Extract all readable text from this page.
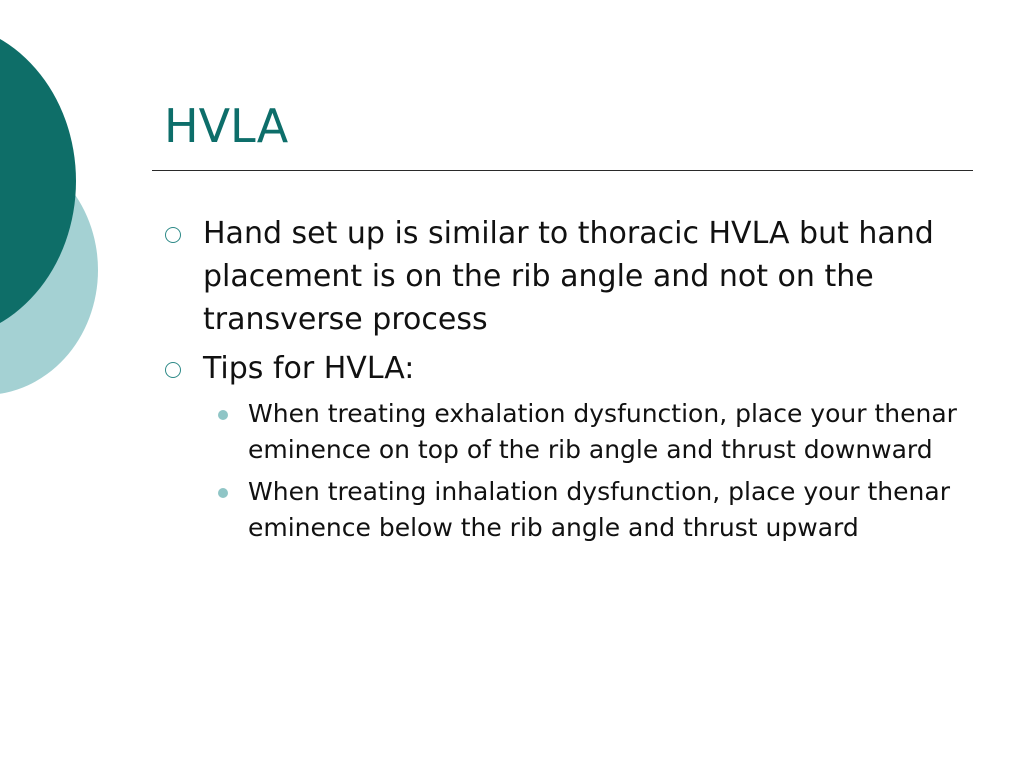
HVLA
Hand set up is similar to thoracic HVLA but hand placement is on the rib angle and not on the transverse process
Tips for HVLA:
When treating exhalation dysfunction, place your thenar eminence on top of the rib angle and thrust downward
When treating inhalation dysfunction, place your thenar eminence below the rib angle and thrust upward
